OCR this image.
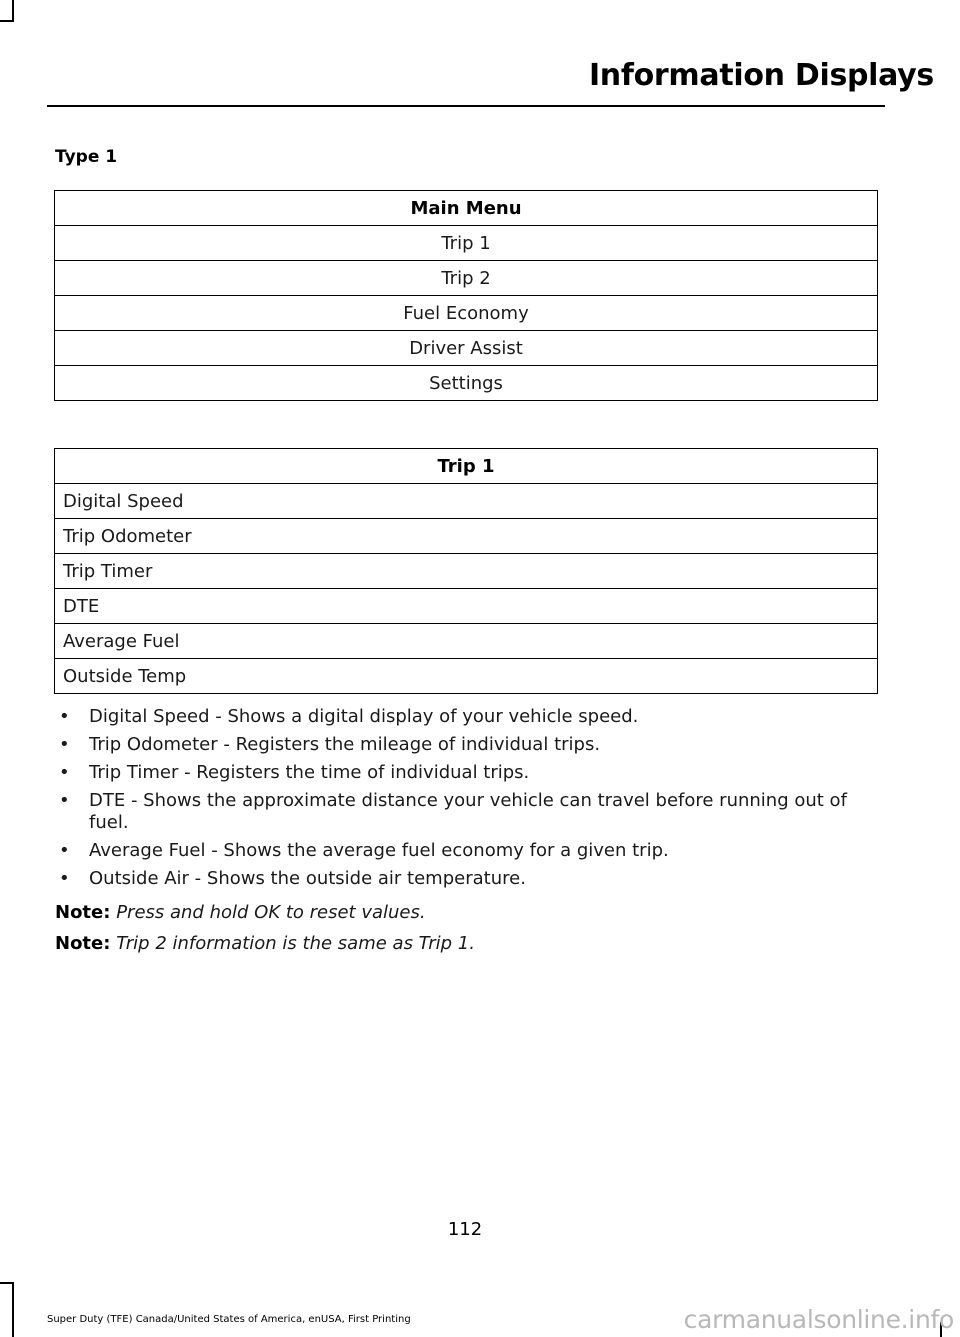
Information Displays
Type 1
Main Menu
Trip 1
Trip 2
Fuel Economy
Driver Assist
Settings
Trip 1
Digital Speed
Trip Odometer
Trip Timer
DTE
Average Fuel
Outside Temp
• Digital Speed - Shows a digital display of your vehicle speed.
• Trip Odometer - Registers the mileage of individual trips.
• Trip Timer - Registers the time of individual trips.
• DTE - Shows the approximate distance your vehicle can travel before running out of fuel.
• Average Fuel - Shows the average fuel economy for a given trip.
• Outside Air - Shows the outside air temperature.
Note: Press and hold OK to reset values.
Note: Trip 2 information is the same as Trip 1.
112
Super Duty (TFE) Canada/United States of America, enUSA, First Printing	carmanualsonline.info
